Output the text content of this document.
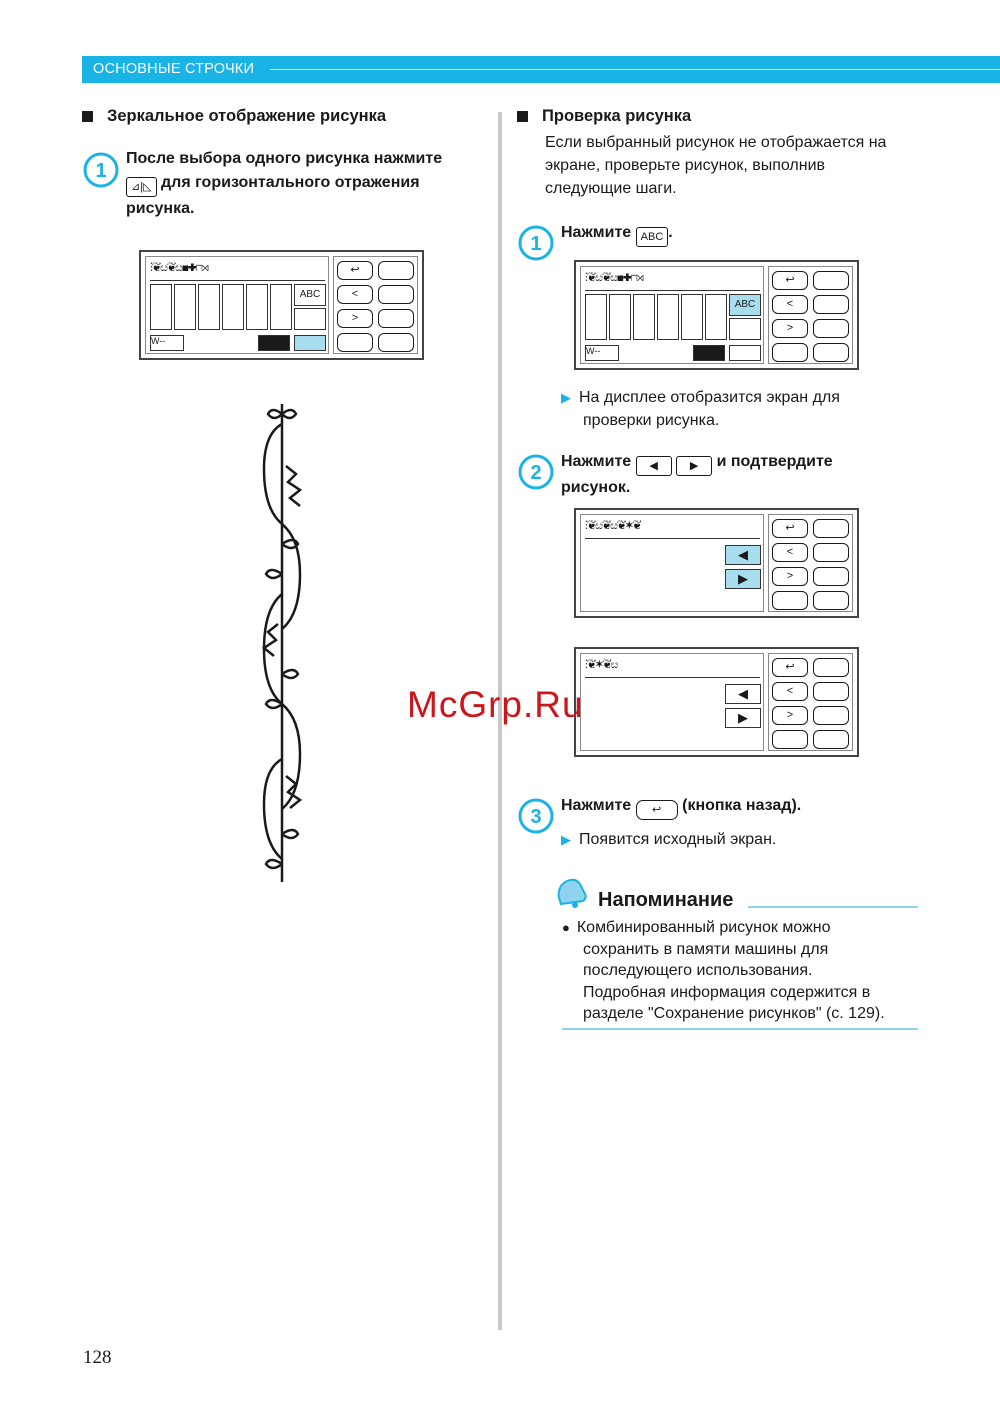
ОСНОВНЫЕ СТРОЧКИ
Зеркальное отображение рисунка
1
После выбора одного рисунка нажмите
⊿|◺ для горизонтального отражения
рисунка.
⫶❦ೞ❦ೞ◼✚⊓⋊
ABC
W--
↩
<
>
Проверка рисунка
Если выбранный рисунок не отображается на
экране, проверьте рисунок, выполнив
следующие шаги.
1
Нажмите ABC .
⫶❦ೞ❦ೞ◼✚⊓⋊
ABC
W--
↩
<
>
▶ На дисплее отобразится экран для
проверки рисунка.
2
Нажмите ◀	▶ и подтвердите
рисунок.
⫶❦ೞ❦ೞ❦✶❦
◀
▶
↩
<
>
⫶❦✶❦ೞ
◀
▶
↩
<
>
McGrp.Ru
3
Нажмите ↩ (кнопка назад).
▶ Появится исходный экран.
Напоминание
● Комбинированный рисунок можно
сохранить в памяти машины для
последующего использования.
Подробная информация содержится в
разделе "Сохранение рисунков" (с. 129).
128
